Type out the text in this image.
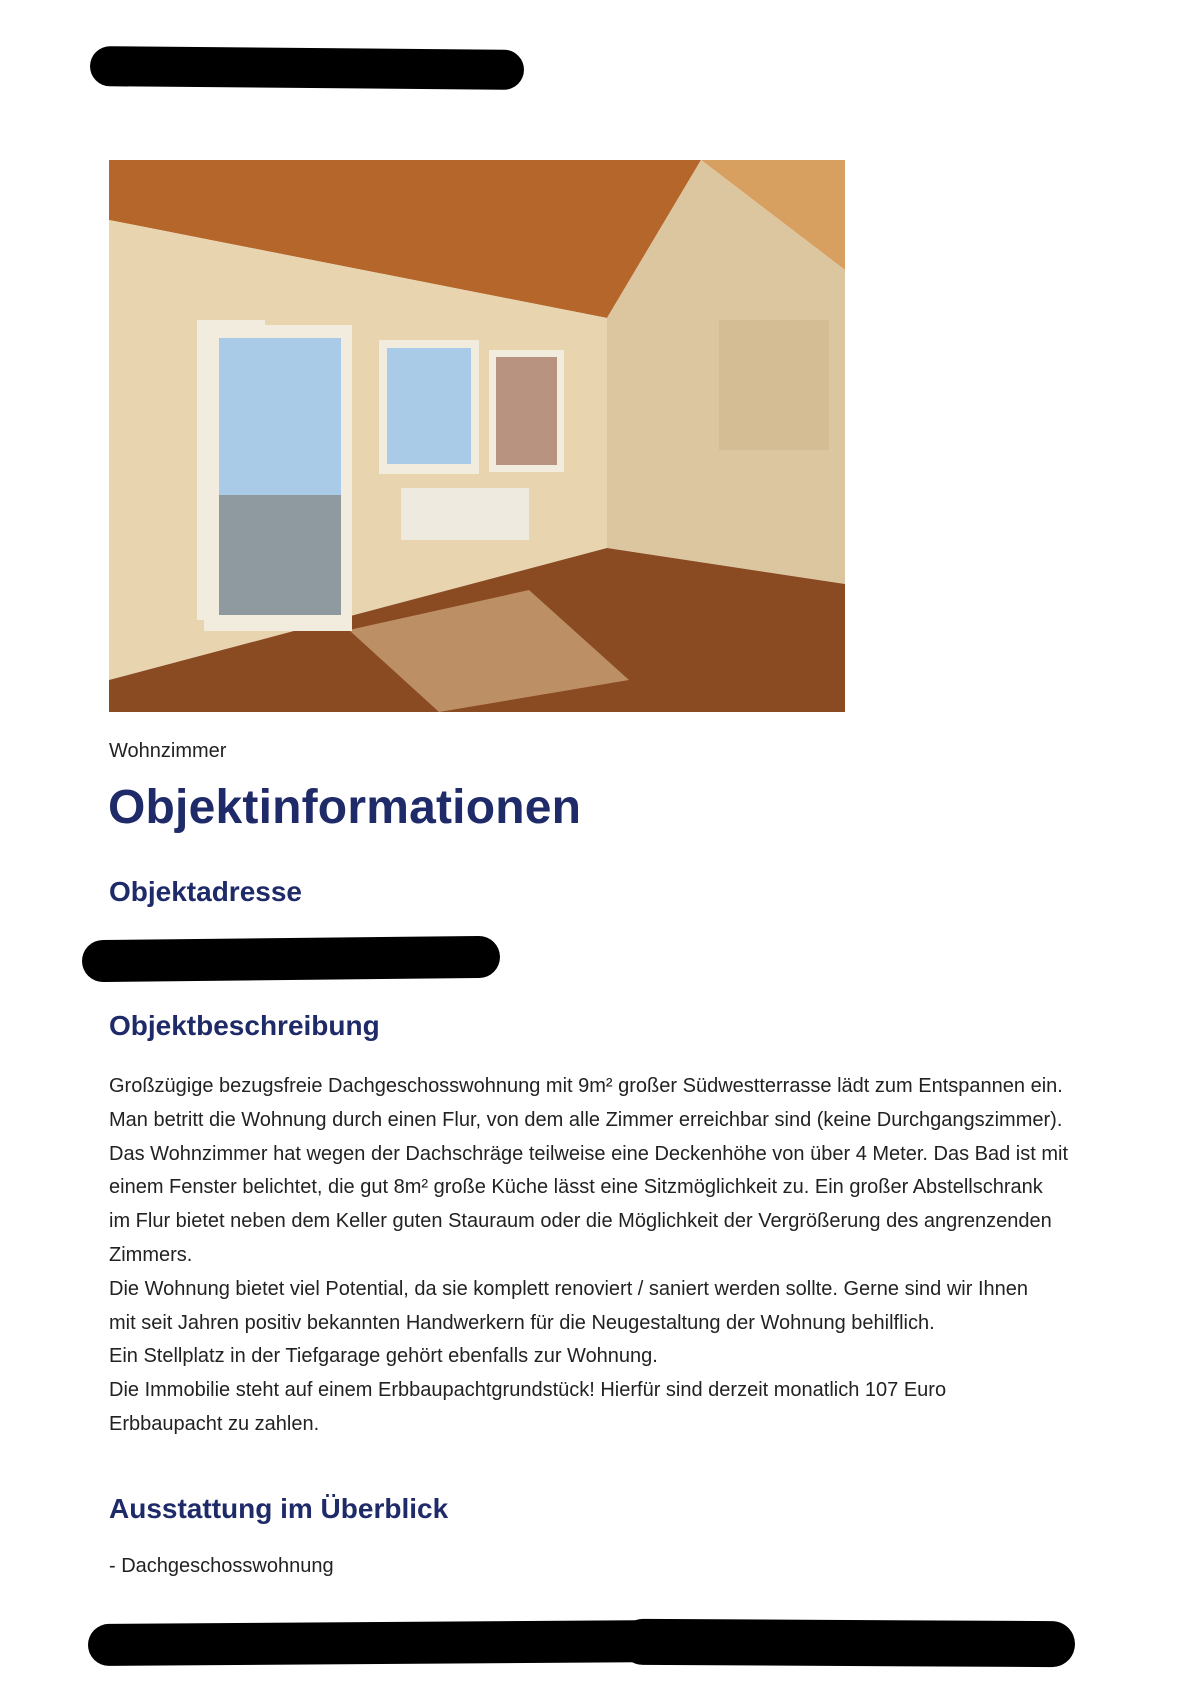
Wohnzimmer
Objektinformationen
Objektadresse
Objektbeschreibung
Großzügige bezugsfreie Dachgeschosswohnung mit 9m² großer Südwestterrasse lädt zum Entspannen ein.
Man betritt die Wohnung durch einen Flur, von dem alle Zimmer erreichbar sind (keine Durchgangszimmer).
Das Wohnzimmer hat wegen der Dachschräge teilweise eine Deckenhöhe von über 4 Meter. Das Bad ist mit
einem Fenster belichtet, die gut 8m² große Küche lässt eine Sitzmöglichkeit zu. Ein großer Abstellschrank
im Flur bietet neben dem Keller guten Stauraum oder die Möglichkeit der Vergrößerung des angrenzenden
Zimmers.
Die Wohnung bietet viel Potential, da sie komplett renoviert / saniert werden sollte. Gerne sind wir Ihnen
mit seit Jahren positiv bekannten Handwerkern für die Neugestaltung der Wohnung behilflich.
Ein Stellplatz in der Tiefgarage gehört ebenfalls zur Wohnung.
Die Immobilie steht auf einem Erbbaupachtgrundstück! Hierfür sind derzeit monatlich 107 Euro
Erbbaupacht zu zahlen.
Ausstattung im Überblick
- Dachgeschosswohnung
